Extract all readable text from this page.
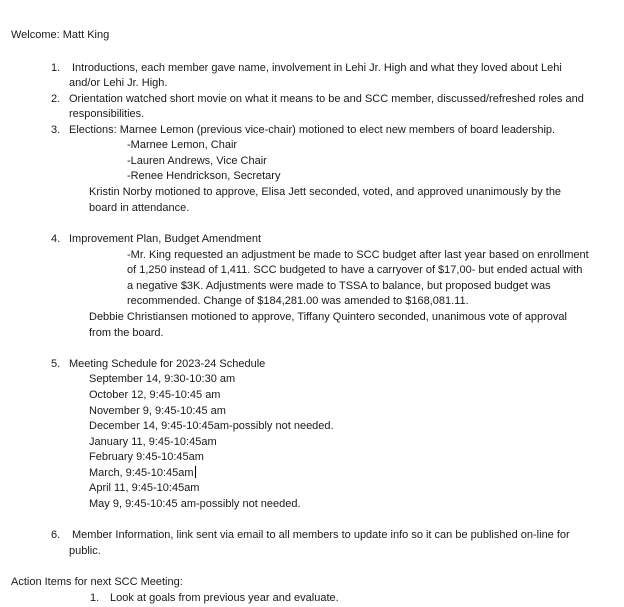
Welcome: Matt King
1. Introductions, each member gave name, involvement in Lehi Jr. High and what they loved about Lehi
and/or Lehi Jr. High.
2. Orientation watched short movie on what it means to be and SCC member, discussed/refreshed roles and
responsibilities.
3. Elections: Marnee Lemon (previous vice-chair) motioned to elect new members of board leadership.
-Marnee Lemon, Chair
-Lauren Andrews, Vice Chair
-Renee Hendrickson, Secretary
Kristin Norby motioned to approve, Elisa Jett seconded, voted, and approved unanimously by the
board in attendance.
4. Improvement Plan, Budget Amendment
-Mr. King requested an adjustment be made to SCC budget after last year based on enrollment
of 1,250 instead of 1,411. SCC budgeted to have a carryover of $17,00- but ended actual with
a negative $3K. Adjustments were made to TSSA to balance, but proposed budget was
recommended. Change of $184,281.00 was amended to $168,081.11.
Debbie Christiansen motioned to approve, Tiffany Quintero seconded, unanimous vote of approval
from the board.
5. Meeting Schedule for 2023-24 Schedule
September 14, 9:30-10:30 am
October 12, 9:45-10:45 am
November 9, 9:45-10:45 am
December 14, 9:45-10:45am-possibly not needed.
January 11, 9:45-10:45am
February 9:45-10:45am
March, 9:45-10:45am
April 11, 9:45-10:45am
May 9, 9:45-10:45 am-possibly not needed.
6. Member Information, link sent via email to all members to update info so it can be published on-line for
public.
Action Items for next SCC Meeting:
1. Look at goals from previous year and evaluate.
